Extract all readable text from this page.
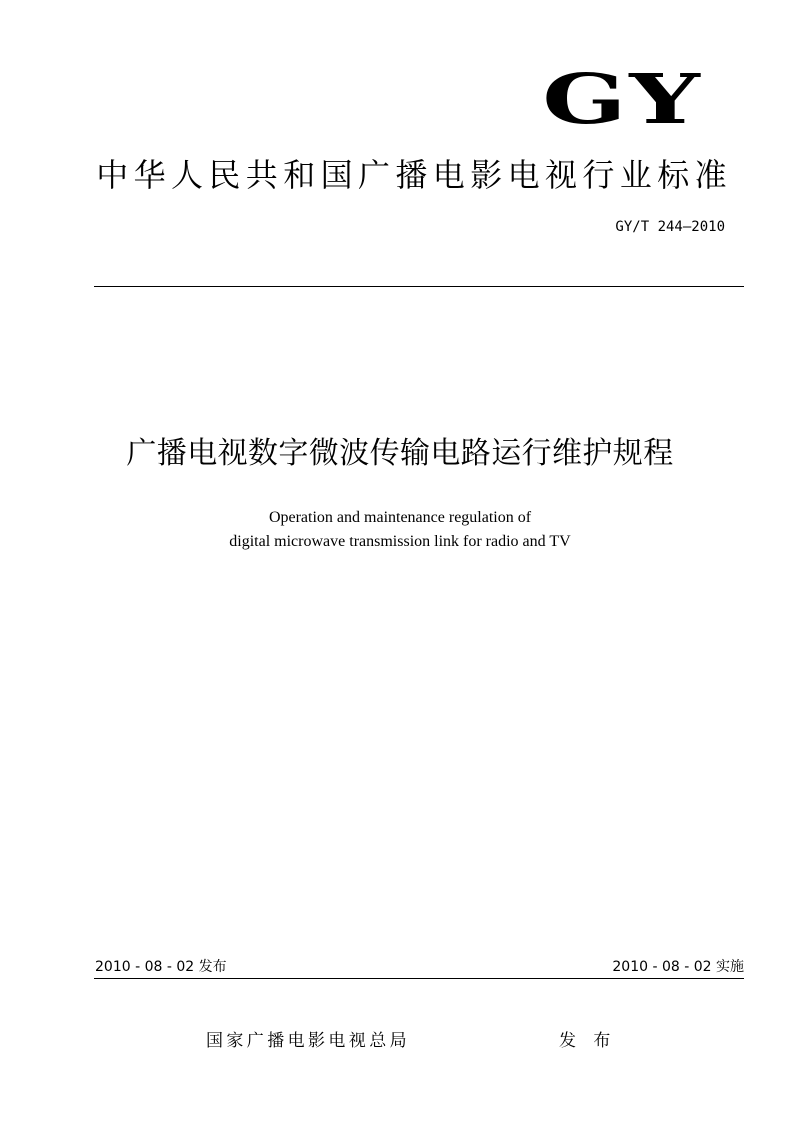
GY
中华人民共和国广播电影电视行业标准
GY/T 244—2010
广播电视数字微波传输电路运行维护规程
Operation and maintenance regulation of
digital microwave transmission link for radio and TV
2010 - 08 - 02 发布	2010 - 08 - 02 实施
国家广播电影电视总局	发 布
